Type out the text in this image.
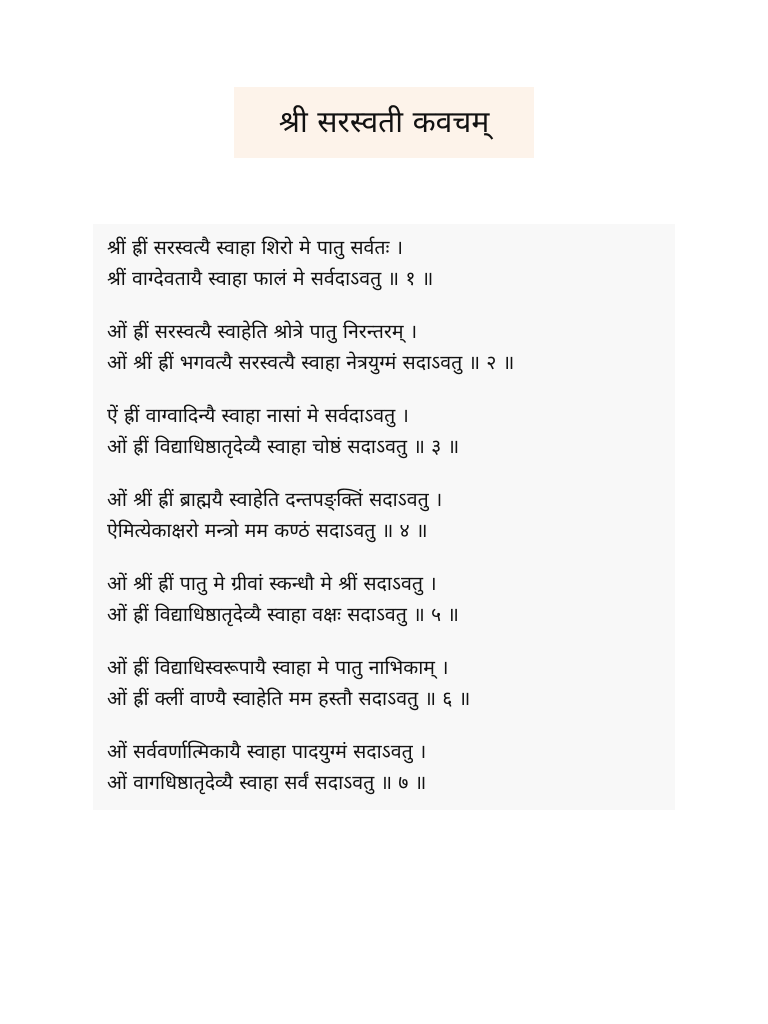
श्री सरस्वती कवचम्
श्रीं ह्रीं सरस्वत्यै स्वाहा शिरो मे पातु सर्वतः ।
श्रीं वाग्देवतायै स्वाहा फालं मे सर्वदाऽवतु ॥ १ ॥
ओं ह्रीं सरस्वत्यै स्वाहेति श्रोत्रे पातु निरन्तरम् ।
ओं श्रीं ह्रीं भगवत्यै सरस्वत्यै स्वाहा नेत्रयुग्मं सदाऽवतु ॥ २ ॥
ऐं ह्रीं वाग्वादिन्यै स्वाहा नासां मे सर्वदाऽवतु ।
ओं ह्रीं विद्याधिष्ठातृदेव्यै स्वाहा चोष्ठं सदाऽवतु ॥ ३ ॥
ओं श्रीं ह्रीं ब्राह्मयै स्वाहेति दन्तपङ्क्तिं सदाऽवतु ।
ऐमित्येकाक्षरो मन्त्रो मम कण्ठं सदाऽवतु ॥ ४ ॥
ओं श्रीं ह्रीं पातु मे ग्रीवां स्कन्धौ मे श्रीं सदाऽवतु ।
ओं ह्रीं विद्याधिष्ठातृदेव्यै स्वाहा वक्षः सदाऽवतु ॥ ५ ॥
ओं ह्रीं विद्याधिस्वरूपायै स्वाहा मे पातु नाभिकाम् ।
ओं ह्रीं क्लीं वाण्यै स्वाहेति मम हस्तौ सदाऽवतु ॥ ६ ॥
ओं सर्ववर्णात्मिकायै स्वाहा पादयुग्मं सदाऽवतु ।
ओं वागधिष्ठातृदेव्यै स्वाहा सर्वं सदाऽवतु ॥ ७ ॥
